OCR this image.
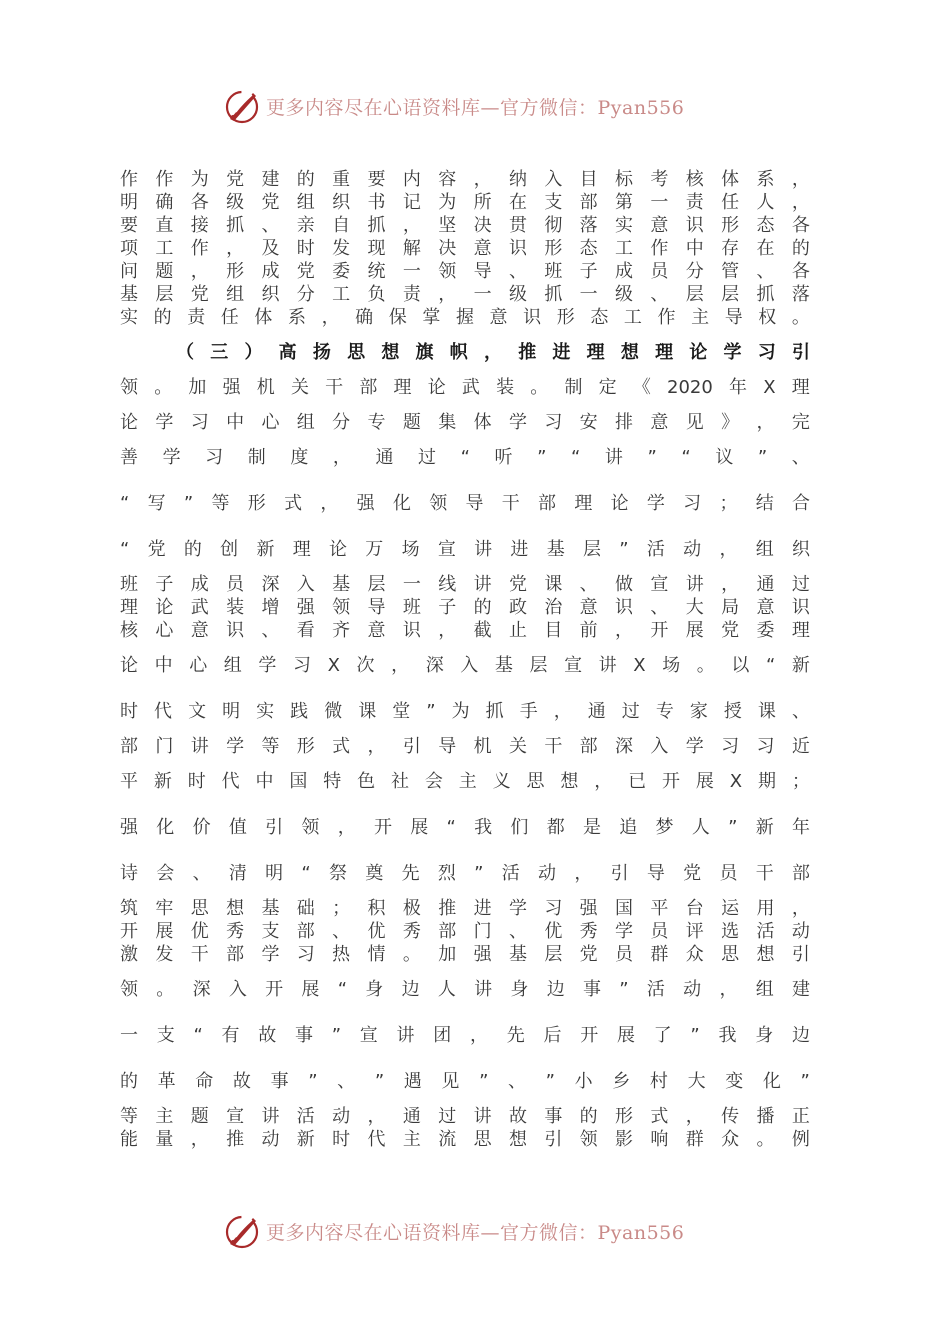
更多内容尽在心语资料库—官方微信：Pyan556
作 作 为 党 建 的 重 要 内 容 ， 纳 入 目 标 考 核 体 系 ，
明 确 各 级 党 组 织 书 记 为 所 在 支 部 第 一 责 任 人 ，
要 直 接 抓 、 亲 自 抓 ， 坚 决 贯 彻 落 实 意 识 形 态 各
项 工 作 ， 及 时 发 现 解 决 意 识 形 态 工 作 中 存 在 的
问 题 ， 形 成 党 委 统 一 领 导 、 班 子 成 员 分 管 、 各
基 层 党 组 织 分 工 负 责 ， 一 级 抓 一 级 、 层 层 抓 落
实 的 责 任 体 系 ， 确 保 掌 握 意 识 形 态 工 作 主 导 权 。
（ 三 ） 高 扬 思 想 旗 帜 ， 推 进 理 想 理 论 学 习 引
领 。 加 强 机 关 干 部 理 论 武 装 。 制 定 《 2020 年 X 理
论 学 习 中 心 组 分 专 题 集 体 学 习 安 排 意 见 》 ， 完
善 学 习 制 度 ， 通 过 “ 听 ” “ 讲 ” “ 议 ” 、
“ 写 ” 等 形 式 ， 强 化 领 导 干 部 理 论 学 习 ； 结 合
“ 党 的 创 新 理 论 万 场 宣 讲 进 基 层 ” 活 动 ， 组 织
班 子 成 员 深 入 基 层 一 线 讲 党 课 、 做 宣 讲 ， 通 过
理 论 武 装 增 强 领 导 班 子 的 政 治 意 识 、 大 局 意 识
核 心 意 识 、 看 齐 意 识 ， 截 止 目 前 ， 开 展 党 委 理
论 中 心 组 学 习 X 次 ， 深 入 基 层 宣 讲 X 场 。 以 “ 新
时 代 文 明 实 践 微 课 堂 ” 为 抓 手 ， 通 过 专 家 授 课 、
部 门 讲 学 等 形 式 ， 引 导 机 关 干 部 深 入 学 习 习 近
平 新 时 代 中 国 特 色 社 会 主 义 思 想 ， 已 开 展 X 期 ；
强 化 价 值 引 领 ， 开 展 “ 我 们 都 是 追 梦 人 ” 新 年
诗 会 、 清 明 “ 祭 奠 先 烈 ” 活 动 ， 引 导 党 员 干 部
筑 牢 思 想 基 础 ； 积 极 推 进 学 习 强 国 平 台 运 用 ，
开 展 优 秀 支 部 、 优 秀 部 门 、 优 秀 学 员 评 选 活 动
激 发 干 部 学 习 热 情 。 加 强 基 层 党 员 群 众 思 想 引
领 。 深 入 开 展 “ 身 边 人 讲 身 边 事 ” 活 动 ， 组 建
一 支 “ 有 故 事 ” 宣 讲 团 ， 先 后 开 展 了 ” 我 身 边
的 革 命 故 事 ” 、 ” 遇 见 ” 、 ” 小 乡 村 大 变 化 ”
等 主 题 宣 讲 活 动 ， 通 过 讲 故 事 的 形 式 ， 传 播 正
能 量 ， 推 动 新 时 代 主 流 思 想 引 领 影 响 群 众 。 例
更多内容尽在心语资料库—官方微信：Pyan556
